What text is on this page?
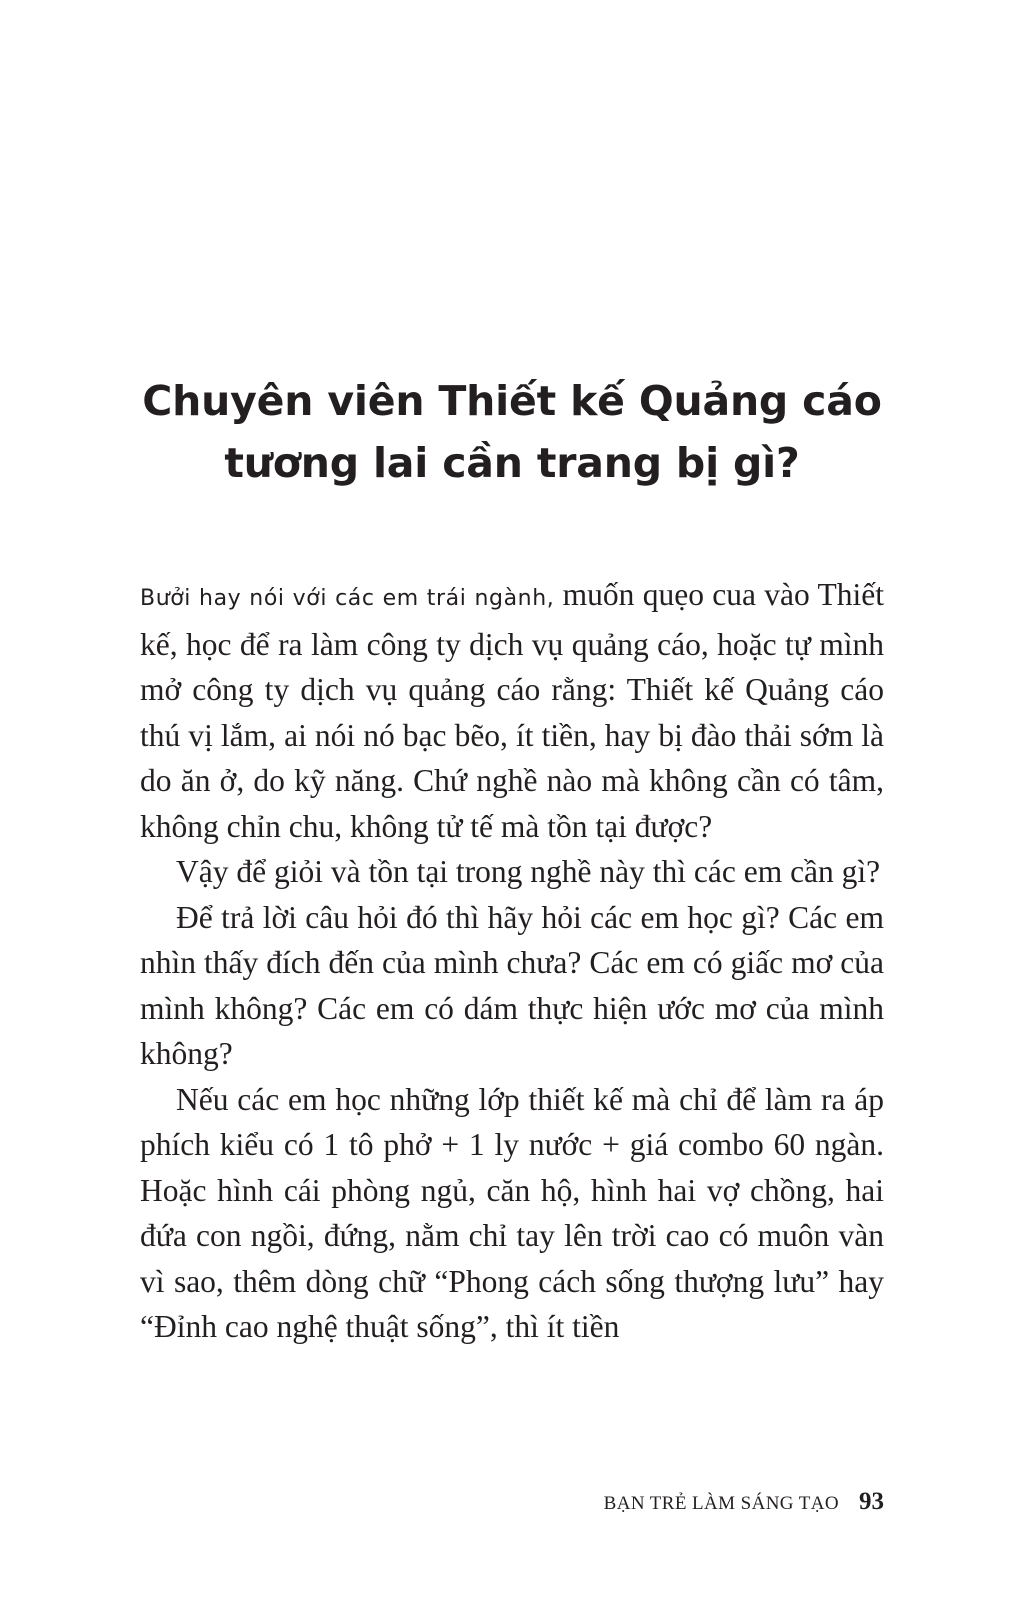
Chuyên viên Thiết kế Quảng cáo
tương lai cần trang bị gì?

Bưởi hay nói với các em trái ngành, muốn quẹo cua vào Thiết kế, học để ra làm công ty dịch vụ quảng cáo, hoặc tự mình mở công ty dịch vụ quảng cáo rằng: Thiết kế Quảng cáo thú vị lắm, ai nói nó bạc bẽo, ít tiền, hay bị đào thải sớm là do ăn ở, do kỹ năng. Chứ nghề nào mà không cần có tâm, không chỉn chu, không tử tế mà tồn tại được?

Vậy để giỏi và tồn tại trong nghề này thì các em cần gì?

Để trả lời câu hỏi đó thì hãy hỏi các em học gì? Các em nhìn thấy đích đến của mình chưa? Các em có giấc mơ của mình không? Các em có dám thực hiện ước mơ của mình không?

Nếu các em học những lớp thiết kế mà chỉ để làm ra áp phích kiểu có 1 tô phở + 1 ly nước + giá combo 60 ngàn. Hoặc hình cái phòng ngủ, căn hộ, hình hai vợ chồng, hai đứa con ngồi, đứng, nằm chỉ tay lên trời cao có muôn vàn vì sao, thêm dòng chữ “Phong cách sống thượng lưu” hay “Đỉnh cao nghệ thuật sống”, thì ít tiền

BẠN TRẺ LÀM SÁNG TẠO 93
